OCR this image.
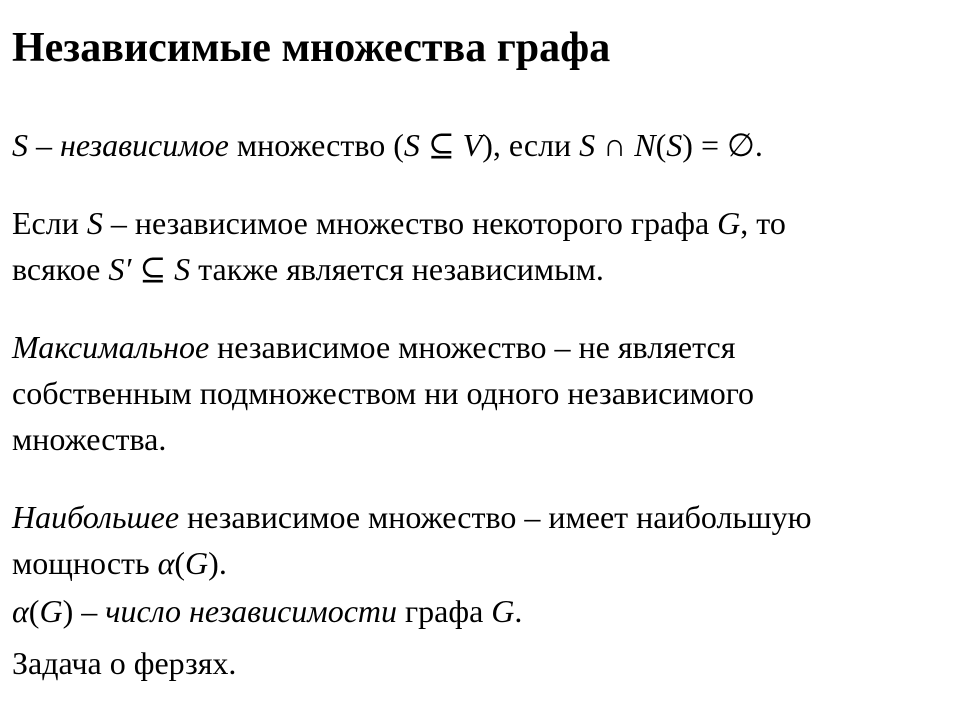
Независимые множества графа
S – независимое множество (S ⊆ V), если S ∩ N(S) = ∅.
Если S – независимое множество некоторого графа G, то
всякое S′ ⊆ S также является независимым.
Максимальное независимое множество – не является
собственным подмножеством ни одного независимого
множества.
Наибольшее независимое множество – имеет наибольшую
мощность α(G).
α(G) – число независимости графа G.
Задача о ферзях.
